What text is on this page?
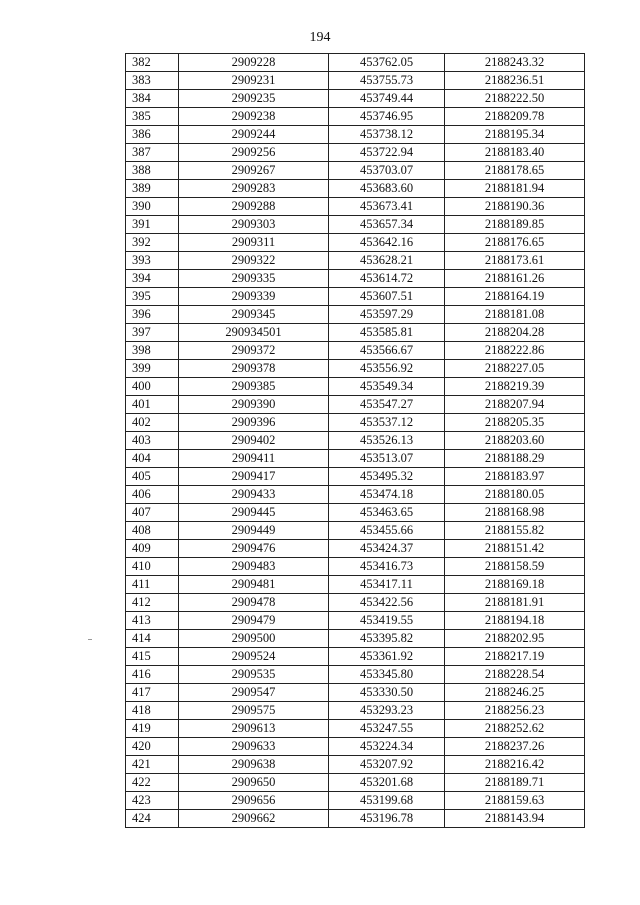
194
382	2909228	453762.05	2188243.32
383	2909231	453755.73	2188236.51
384	2909235	453749.44	2188222.50
385	2909238	453746.95	2188209.78
386	2909244	453738.12	2188195.34
387	2909256	453722.94	2188183.40
388	2909267	453703.07	2188178.65
389	2909283	453683.60	2188181.94
390	2909288	453673.41	2188190.36
391	2909303	453657.34	2188189.85
392	2909311	453642.16	2188176.65
393	2909322	453628.21	2188173.61
394	2909335	453614.72	2188161.26
395	2909339	453607.51	2188164.19
396	2909345	453597.29	2188181.08
397	290934501	453585.81	2188204.28
398	2909372	453566.67	2188222.86
399	2909378	453556.92	2188227.05
400	2909385	453549.34	2188219.39
401	2909390	453547.27	2188207.94
402	2909396	453537.12	2188205.35
403	2909402	453526.13	2188203.60
404	2909411	453513.07	2188188.29
405	2909417	453495.32	2188183.97
406	2909433	453474.18	2188180.05
407	2909445	453463.65	2188168.98
408	2909449	453455.66	2188155.82
409	2909476	453424.37	2188151.42
410	2909483	453416.73	2188158.59
411	2909481	453417.11	2188169.18
412	2909478	453422.56	2188181.91
413	2909479	453419.55	2188194.18
414	2909500	453395.82	2188202.95
415	2909524	453361.92	2188217.19
416	2909535	453345.80	2188228.54
417	2909547	453330.50	2188246.25
418	2909575	453293.23	2188256.23
419	2909613	453247.55	2188252.62
420	2909633	453224.34	2188237.26
421	2909638	453207.92	2188216.42
422	2909650	453201.68	2188189.71
423	2909656	453199.68	2188159.63
424	2909662	453196.78	2188143.94
